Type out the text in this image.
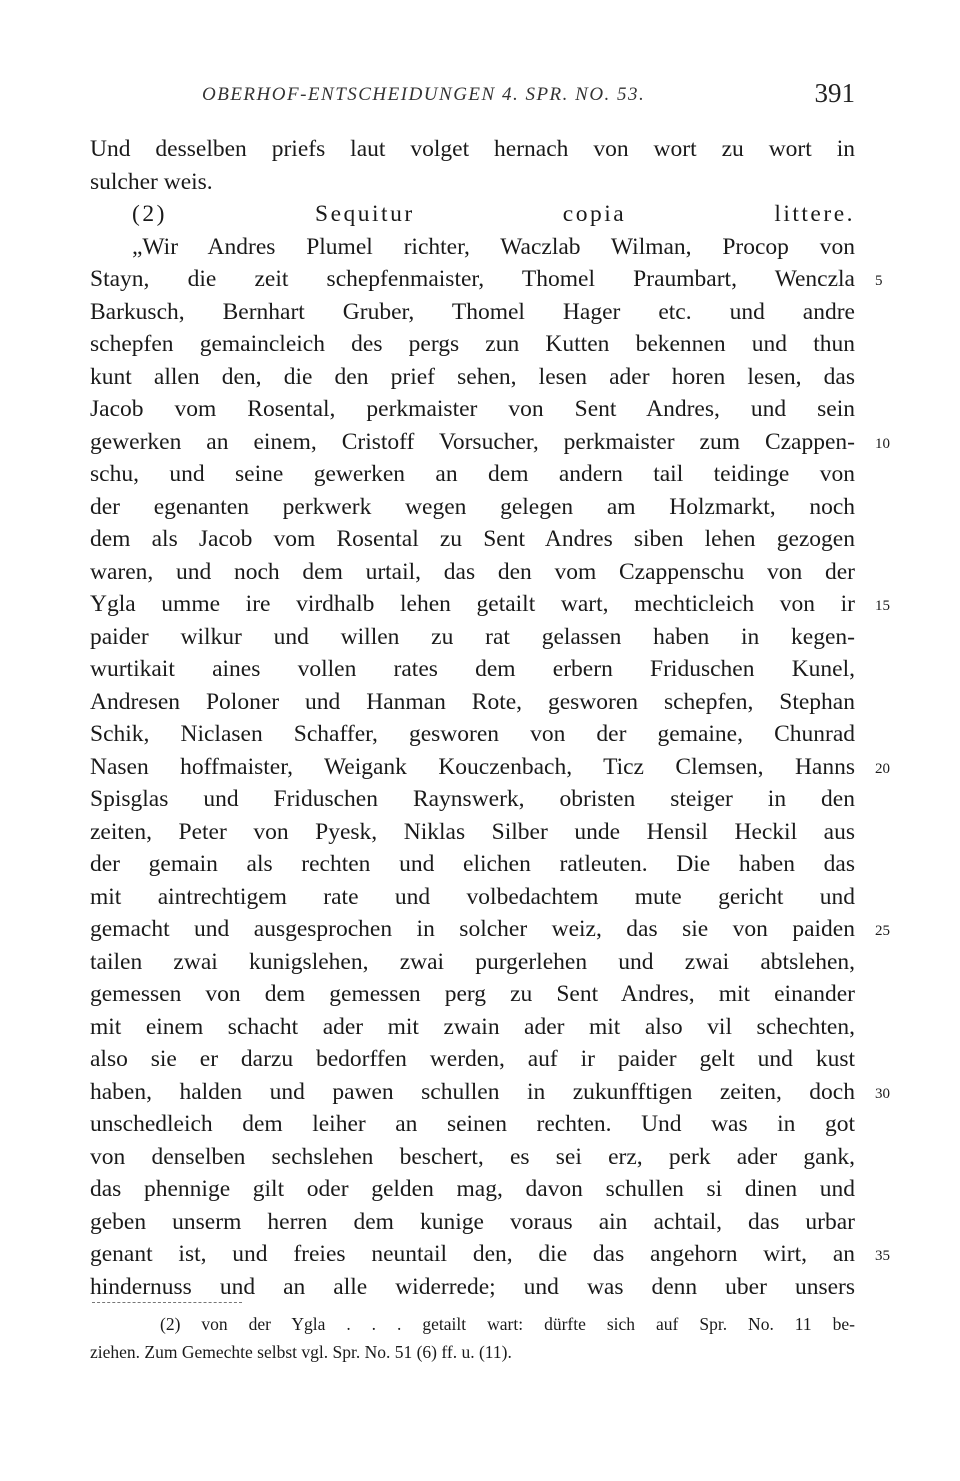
OBERHOF-ENTSCHEIDUNGEN 4. SPR. NO. 53.	391
Und desselben priefs laut volget hernach von wort zu wort in
sulcher weis.
(2) Sequitur copia littere.
„Wir Andres Plumel richter, Waczlab Wilman, Procop von
Stayn, die zeit schepfenmaister, Thomel Praumbart, Wenczla 5
Barkusch, Bernhart Gruber, Thomel Hager etc. und andre
schepfen gemaincleich des pergs zun Kutten bekennen und thun
kunt allen den, die den prief sehen, lesen ader horen lesen, das
Jacob vom Rosental, perkmaister von Sent Andres, und sein
gewerken an einem, Cristoff Vorsucher, perkmaister zum Czappen- 10
schu, und seine gewerken an dem andern tail teidinge von
der egenanten perkwerk wegen gelegen am Holzmarkt, noch
dem als Jacob vom Rosental zu Sent Andres siben lehen gezogen
waren, und noch dem urtail, das den vom Czappenschu von der
Ygla umme ire virdhalb lehen getailt wart, mechticleich von ir 15
paider wilkur und willen zu rat gelassen haben in kegen-
wurtikait aines vollen rates dem erbern Friduschen Kunel,
Andresen Poloner und Hanman Rote, gesworen schepfen, Stephan
Schik, Niclasen Schaffer, gesworen von der gemaine, Chunrad
Nasen hoffmaister, Weigank Kouczenbach, Ticz Clemsen, Hanns 20
Spisglas und Friduschen Raynswerk, obristen steiger in den
zeiten, Peter von Pyesk, Niklas Silber unde Hensil Heckil aus
der gemain als rechten und elichen ratleuten. Die haben das
mit aintrechtigem rate und volbedachtem mute gericht und
gemacht und ausgesprochen in solcher weiz, das sie von paiden 25
tailen zwai kunigslehen, zwai purgerlehen und zwai abtslehen,
gemessen von dem gemessen perg zu Sent Andres, mit einander
mit einem schacht ader mit zwain ader mit also vil schechten,
also sie er darzu bedorffen werden, auf ir paider gelt und kust
haben, halden und pawen schullen in zukunfftigen zeiten, doch 30
unschedleich dem leiher an seinen rechten. Und was in got
von denselben sechslehen beschert, es sei erz, perk ader gank,
das phennige gilt oder gelden mag, davon schullen si dinen und
geben unserm herren dem kunige voraus ain achtail, das urbar
genant ist, und freies neuntail den, die das angehorn wirt, an 35
hindernuss und an alle widerrede; und was denn uber unsers
(2) von der Ygla . . . getailt wart: dürfte sich auf Spr. No. 11 be-
ziehen. Zum Gemechte selbst vgl. Spr. No. 51 (6) ff. u. (11).
